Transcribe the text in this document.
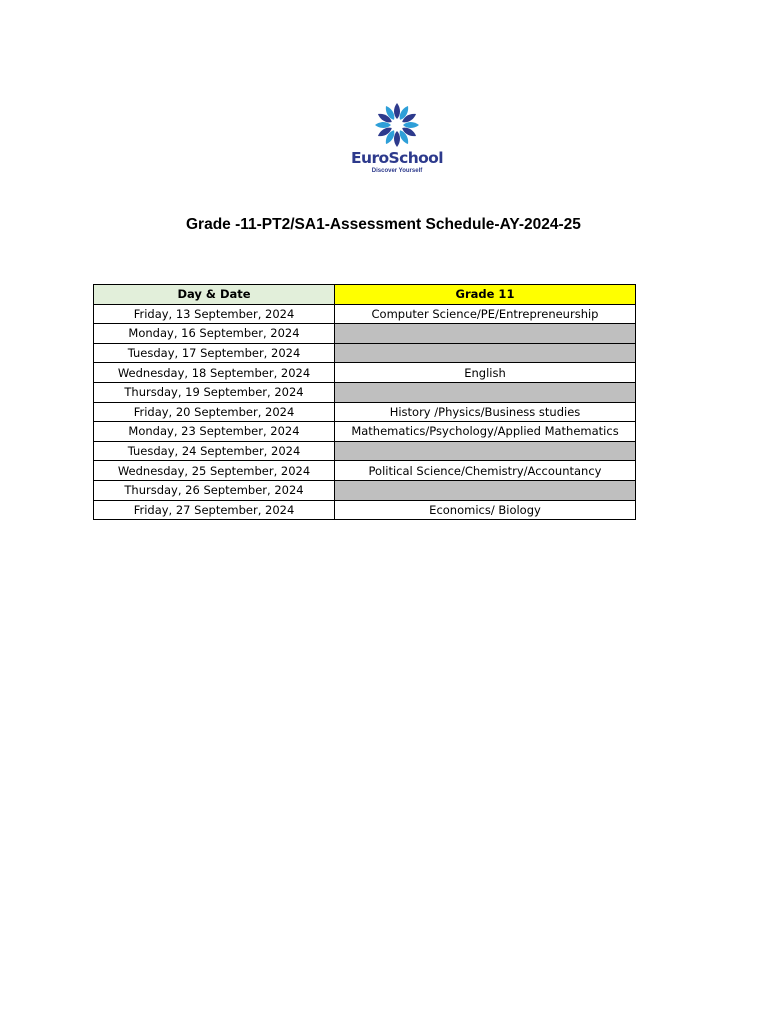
EuroSchool
Discover Yourself
Grade -11-PT2/SA1-Assessment Schedule-AY-2024-25
Day & Date	Grade 11
Friday, 13 September, 2024	Computer Science/PE/Entrepreneurship
Monday, 16 September, 2024	
Tuesday, 17 September, 2024	
Wednesday, 18 September, 2024	English
Thursday, 19 September, 2024	
Friday, 20 September, 2024	History /Physics/Business studies
Monday, 23 September, 2024	Mathematics/Psychology/Applied Mathematics
Tuesday, 24 September, 2024	
Wednesday, 25 September, 2024	Political Science/Chemistry/Accountancy
Thursday, 26 September, 2024	
Friday, 27 September, 2024	Economics/ Biology
